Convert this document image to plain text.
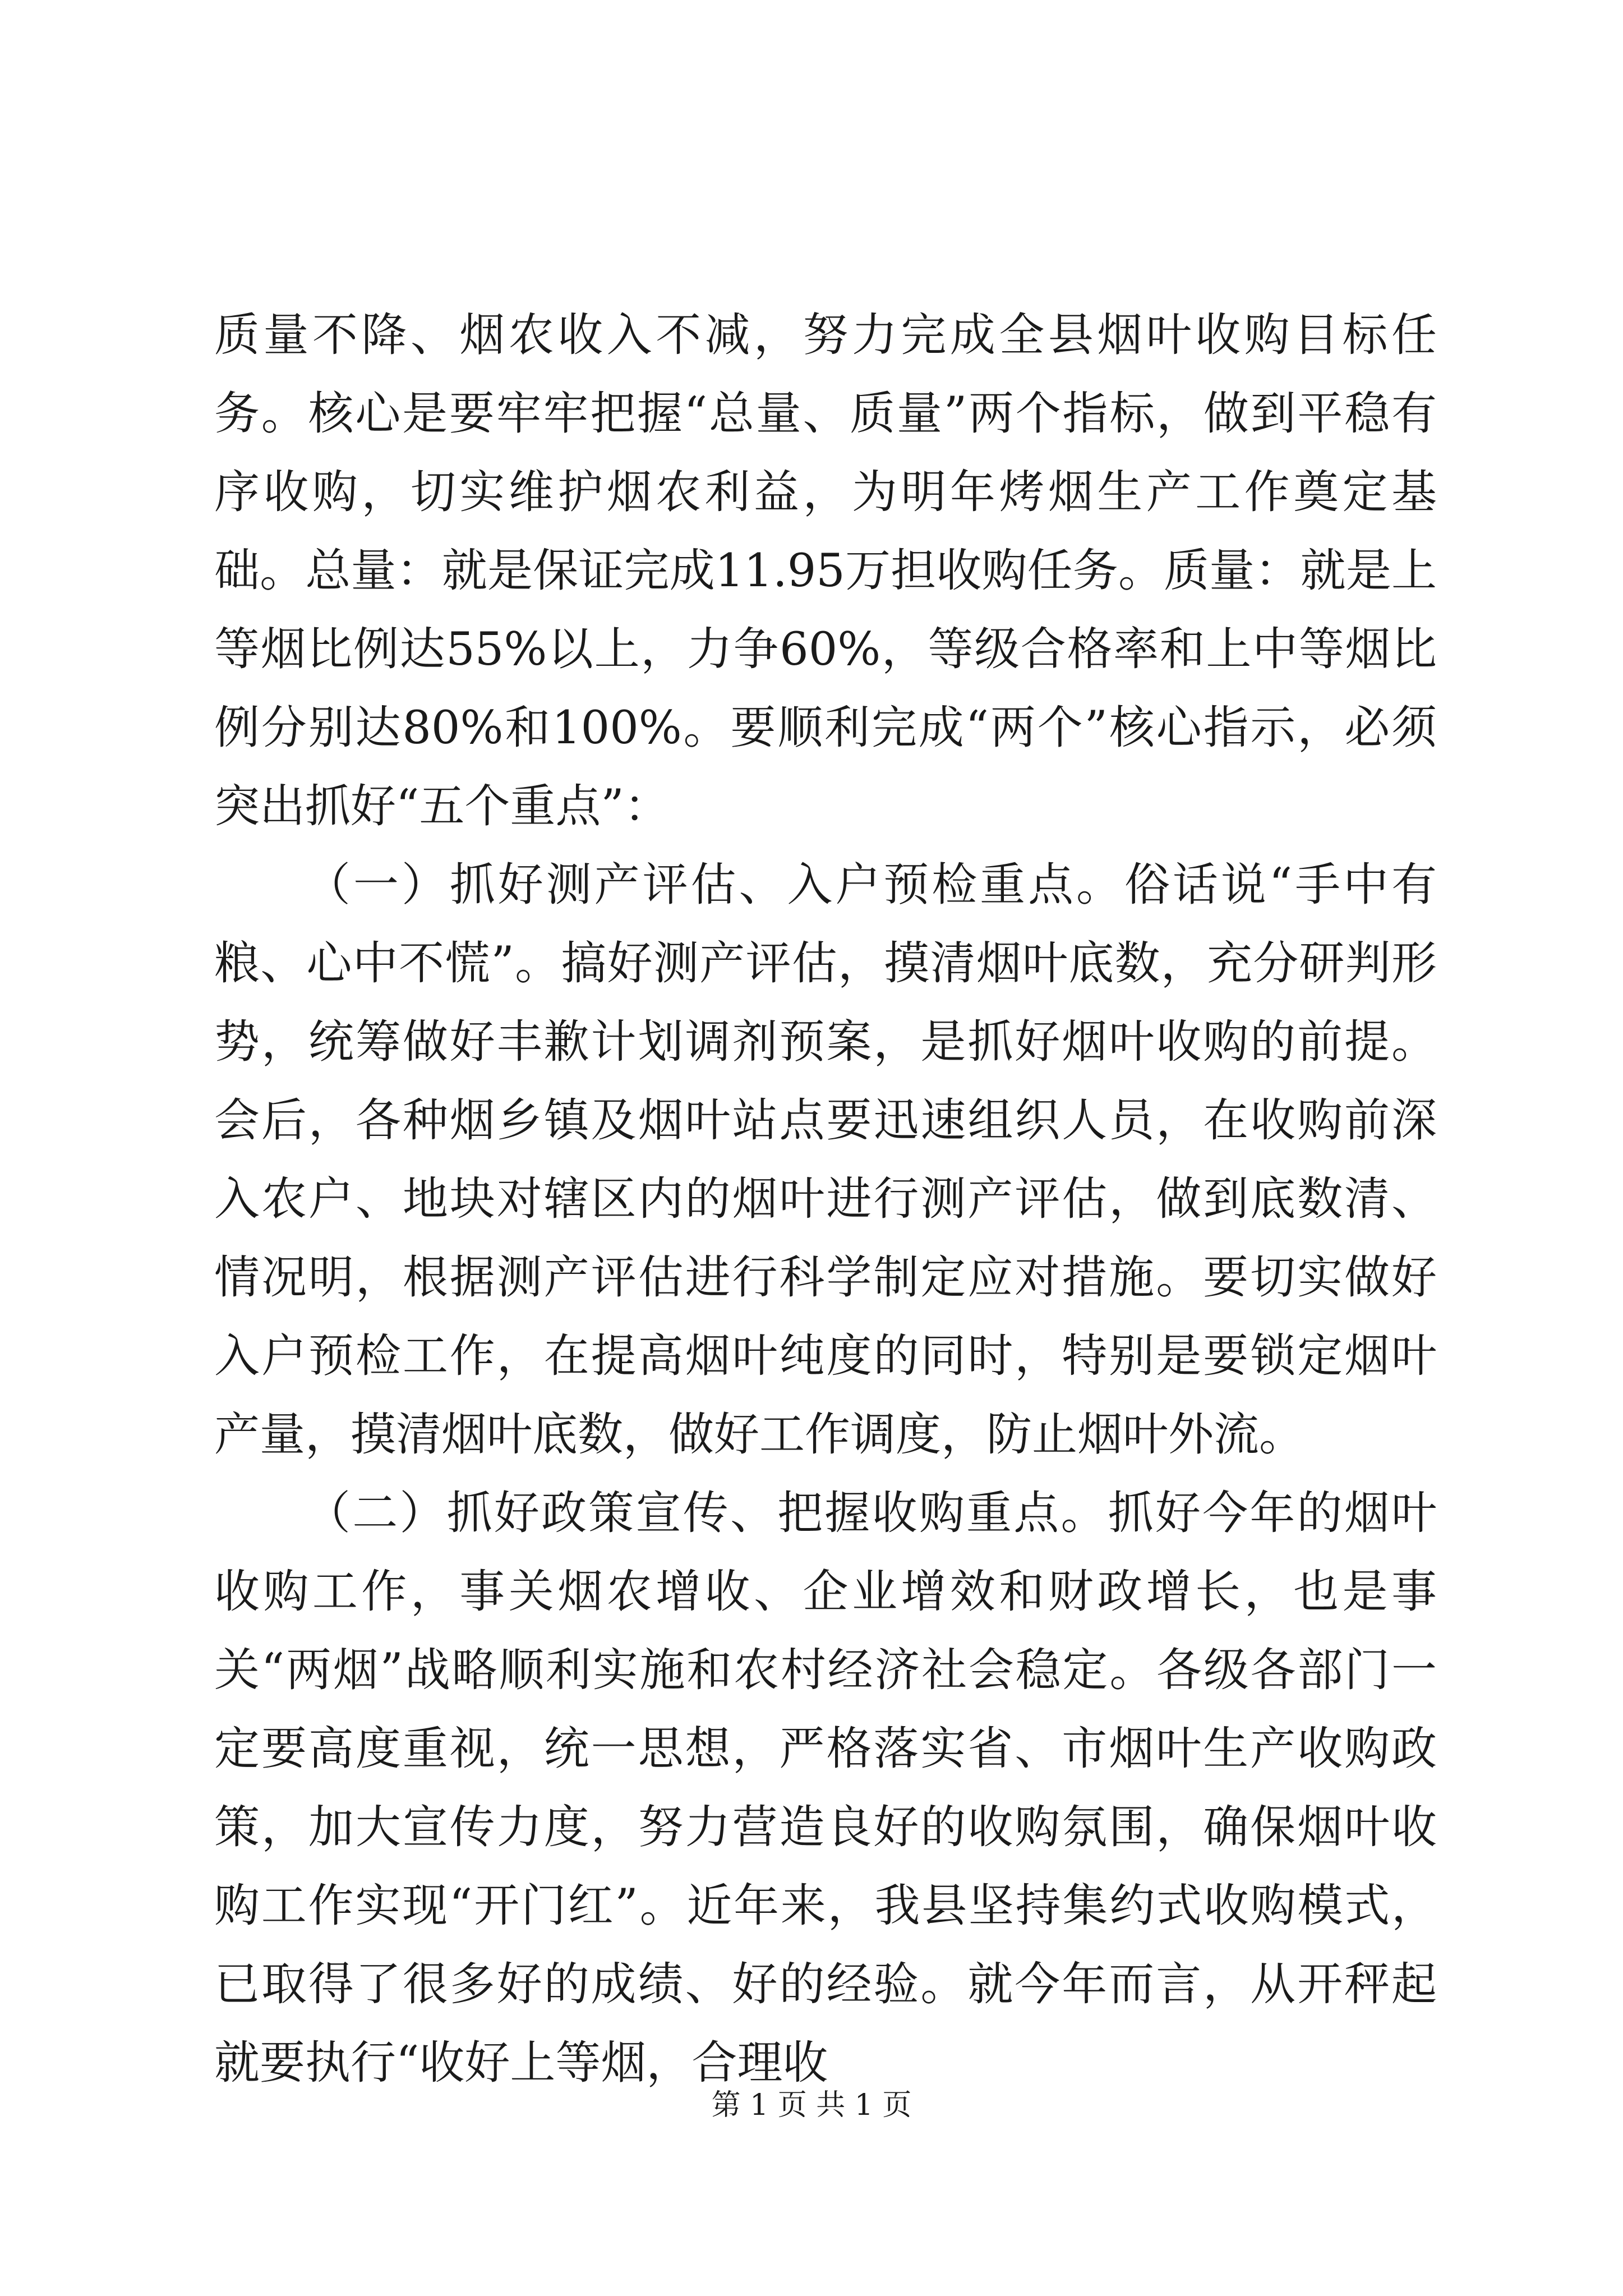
质量不降、烟农收入不减，努力完成全县烟叶收购目标任务。核心是要牢牢把握“总量、质量”两个指标，做到平稳有序收购，切实维护烟农利益，为明年烤烟生产工作奠定基础。总量：就是保证完成11.95万担收购任务。质量：就是上等烟比例达55%以上，力争60%，等级合格率和上中等烟比例分别达80%和100%。要顺利完成“两个”核心指示，必须突出抓好“五个重点”：

（一）抓好测产评估、入户预检重点。俗话说“手中有粮、心中不慌”。搞好测产评估，摸清烟叶底数，充分研判形势，统筹做好丰歉计划调剂预案，是抓好烟叶收购的前提。会后，各种烟乡镇及烟叶站点要迅速组织人员，在收购前深入农户、地块对辖区内的烟叶进行测产评估，做到底数清、情况明，根据测产评估进行科学制定应对措施。要切实做好入户预检工作，在提高烟叶纯度的同时，特别是要锁定烟叶产量，摸清烟叶底数，做好工作调度，防止烟叶外流。

（二）抓好政策宣传、把握收购重点。抓好今年的烟叶收购工作，事关烟农增收、企业增效和财政增长，也是事关“两烟”战略顺利实施和农村经济社会稳定。各级各部门一定要高度重视，统一思想，严格落实省、市烟叶生产收购政策，加大宣传力度，努力营造良好的收购氛围，确保烟叶收购工作实现“开门红”。近年来，我县坚持集约式收购模式，已取得了很多好的成绩、好的经验。就今年而言，从开秤起就要执行“收好上等烟，合理收

第 1 页 共 1 页
